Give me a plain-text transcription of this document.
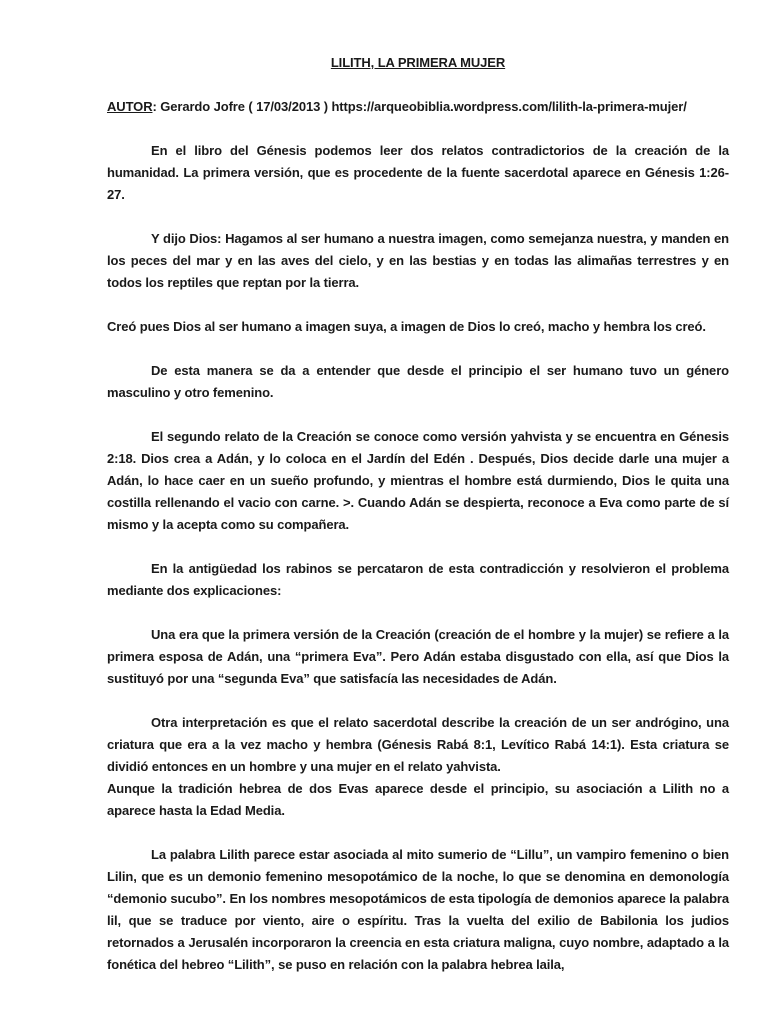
LILITH, LA PRIMERA MUJER
AUTOR: Gerardo Jofre ( 17/03/2013 ) https://arqueobiblia.wordpress.com/lilith-la-primera-mujer/

En el libro del Génesis podemos leer dos relatos contradictorios de la creación de la humanidad. La primera versión, que es procedente de la fuente sacerdotal aparece en Génesis 1:26-27.

Y dijo Dios: Hagamos al ser humano a nuestra imagen, como semejanza nuestra, y manden en los peces del mar y en las aves del cielo, y en las bestias y en todas las alimañas terrestres y en todos los reptiles que reptan por la tierra.

Creó pues Dios al ser humano a imagen suya, a imagen de Dios lo creó, macho y hembra los creó.

De esta manera se da a entender que desde el principio el ser humano tuvo un género masculino y otro femenino.

El segundo relato de la Creación se conoce como versión yahvista y se encuentra en Génesis 2:18. Dios crea a Adán, y lo coloca en el Jardín del Edén . Después, Dios decide darle una mujer a Adán, lo hace caer en un sueño profundo, y mientras el hombre está durmiendo, Dios le quita una costilla rellenando el vacio con carne. >. Cuando Adán se despierta, reconoce a Eva como parte de sí mismo y la acepta como su compañera.

En la antigüedad los rabinos se percataron de esta contradicción y resolvieron el problema mediante dos explicaciones:

Una era que la primera versión de la Creación (creación de el hombre y la mujer) se refiere a la primera esposa de Adán, una “primera Eva”. Pero Adán estaba disgustado con ella, así que Dios la sustituyó por una “segunda Eva” que satisfacía las necesidades de Adán.

Otra interpretación es que el relato sacerdotal describe la creación de un ser andrógino, una criatura que era a la vez macho y hembra (Génesis Rabá 8:1, Levítico Rabá 14:1). Esta criatura se dividió entonces en un hombre y una mujer en el relato yahvista.

Aunque la tradición hebrea de dos Evas aparece desde el principio, su asociación a Lilith no a aparece hasta la Edad Media.

La palabra Lilith parece estar asociada al mito sumerio de “Lillu”, un vampiro femenino o bien Lilin, que es un demonio femenino mesopotámico de la noche, lo que se denomina en demonología “demonio sucubo”. En los nombres mesopotámicos de esta tipología de demonios aparece la palabra lil, que se traduce por viento, aire o espíritu. Tras la vuelta del exilio de Babilonia los judios retornados a Jerusalén incorporaron la creencia en esta criatura maligna, cuyo nombre, adaptado a la fonética del hebreo “Lilith”, se puso en relación con la palabra hebrea laila,
